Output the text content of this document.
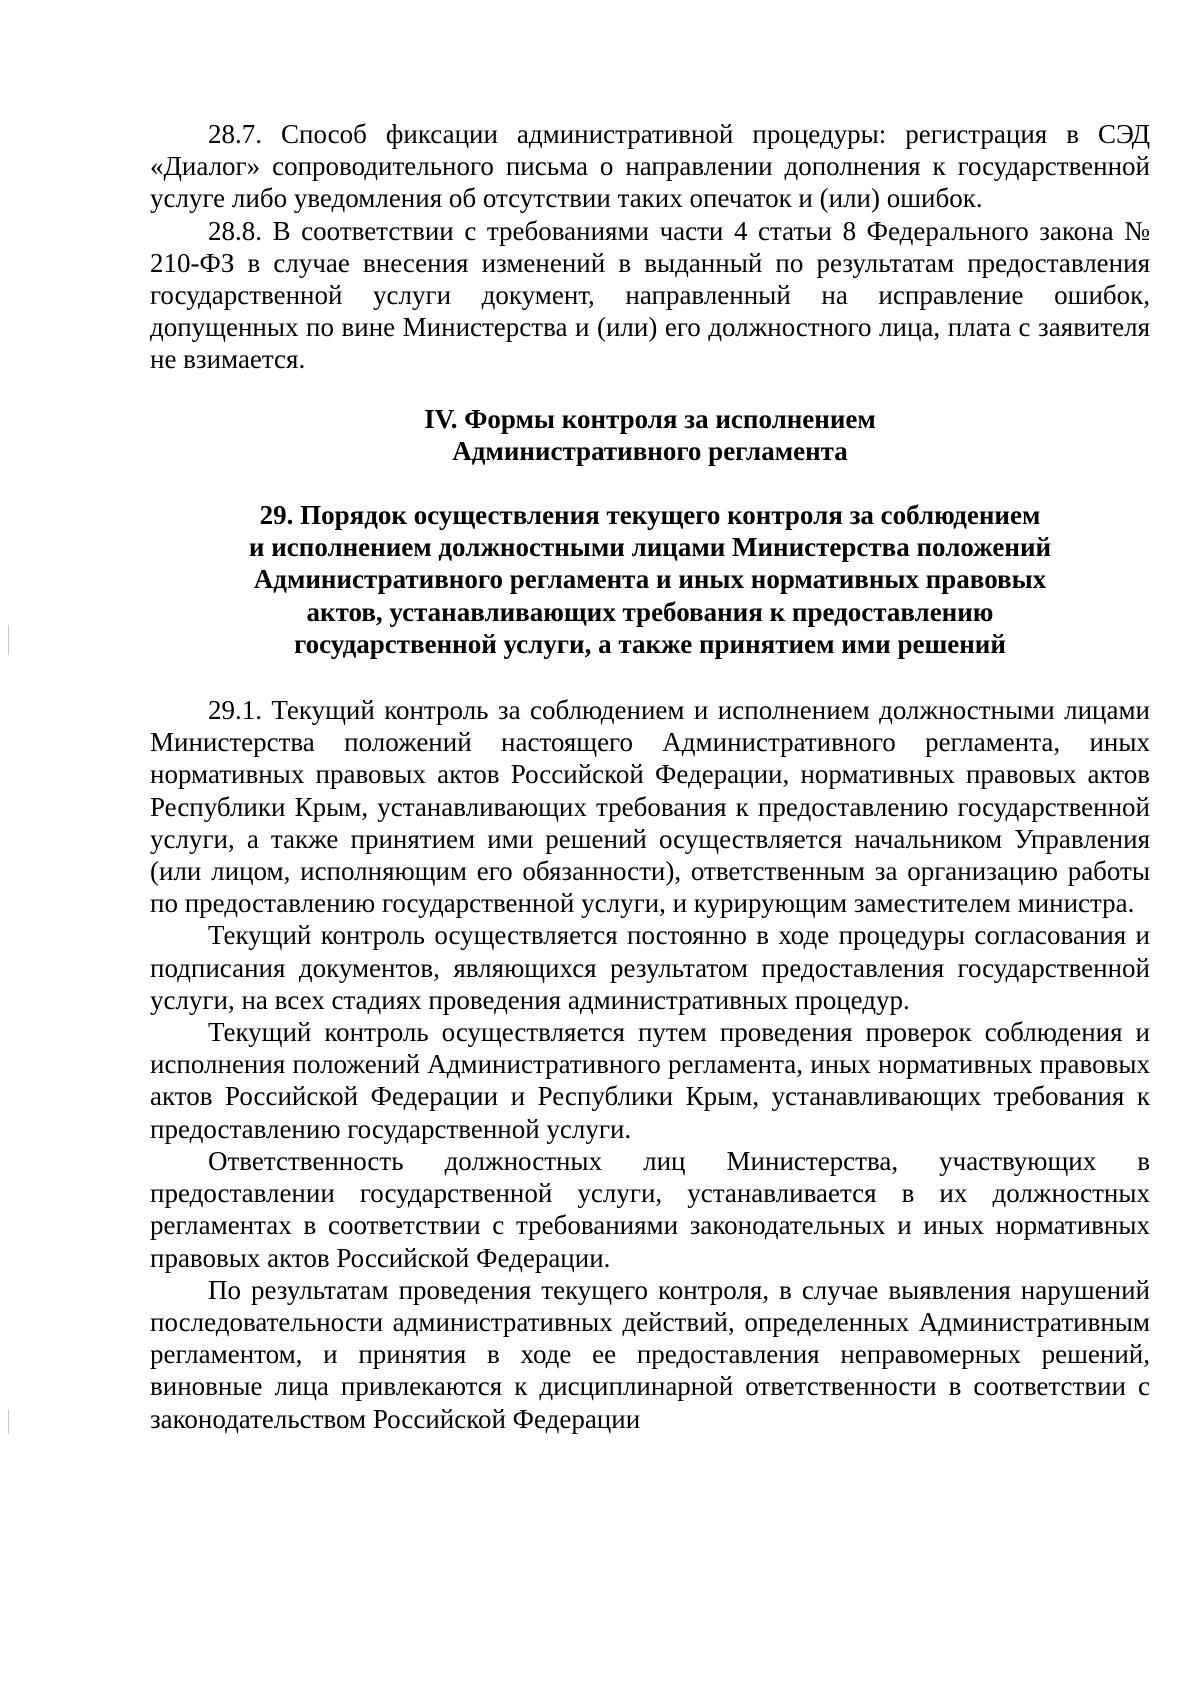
28.7. Способ фиксации административной процедуры: регистрация в СЭД «Диалог» сопроводительного письма о направлении дополнения к государственной услуге либо уведомления об отсутствии таких опечаток и (или) ошибок.

28.8. В соответствии с требованиями части 4 статьи 8 Федерального закона № 210-ФЗ в случае внесения изменений в выданный по результатам предоставления государственной услуги документ, направленный на исправление ошибок, допущенных по вине Министерства и (или) его должностного лица, плата с заявителя не взимается.

IV. Формы контроля за исполнением
Административного регламента
29. Порядок осуществления текущего контроля за соблюдением
и исполнением должностными лицами Министерства положений
Административного регламента и иных нормативных правовых
актов, устанавливающих требования к предоставлению
государственной услуги, а также принятием ими решений

29.1. Текущий контроль за соблюдением и исполнением должностными лицами Министерства положений настоящего Административного регламента, иных нормативных правовых актов Российской Федерации, нормативных правовых актов Республики Крым, устанавливающих требования к предоставлению государственной услуги, а также принятием ими решений осуществляется начальником Управления (или лицом, исполняющим его обязанности), ответственным за организацию работы по предоставлению государственной услуги, и курирующим заместителем министра.

Текущий контроль осуществляется постоянно в ходе процедуры согласования и подписания документов, являющихся результатом предоставления государственной услуги, на всех стадиях проведения административных процедур.

Текущий контроль осуществляется путем проведения проверок соблюдения и исполнения положений Административного регламента, иных нормативных правовых актов Российской Федерации и Республики Крым, устанавливающих требования к предоставлению государственной услуги.

Ответственность должностных лиц Министерства, участвующих в предоставлении государственной услуги, устанавливается в их должностных регламентах в соответствии с требованиями законодательных и иных нормативных правовых актов Российской Федерации.

По результатам проведения текущего контроля, в случае выявления нарушений последовательности административных действий, определенных Административным регламентом, и принятия в ходе ее предоставления неправомерных решений, виновные лица привлекаются к дисциплинарной ответственности в соответствии с законодательством Российской Федерации
